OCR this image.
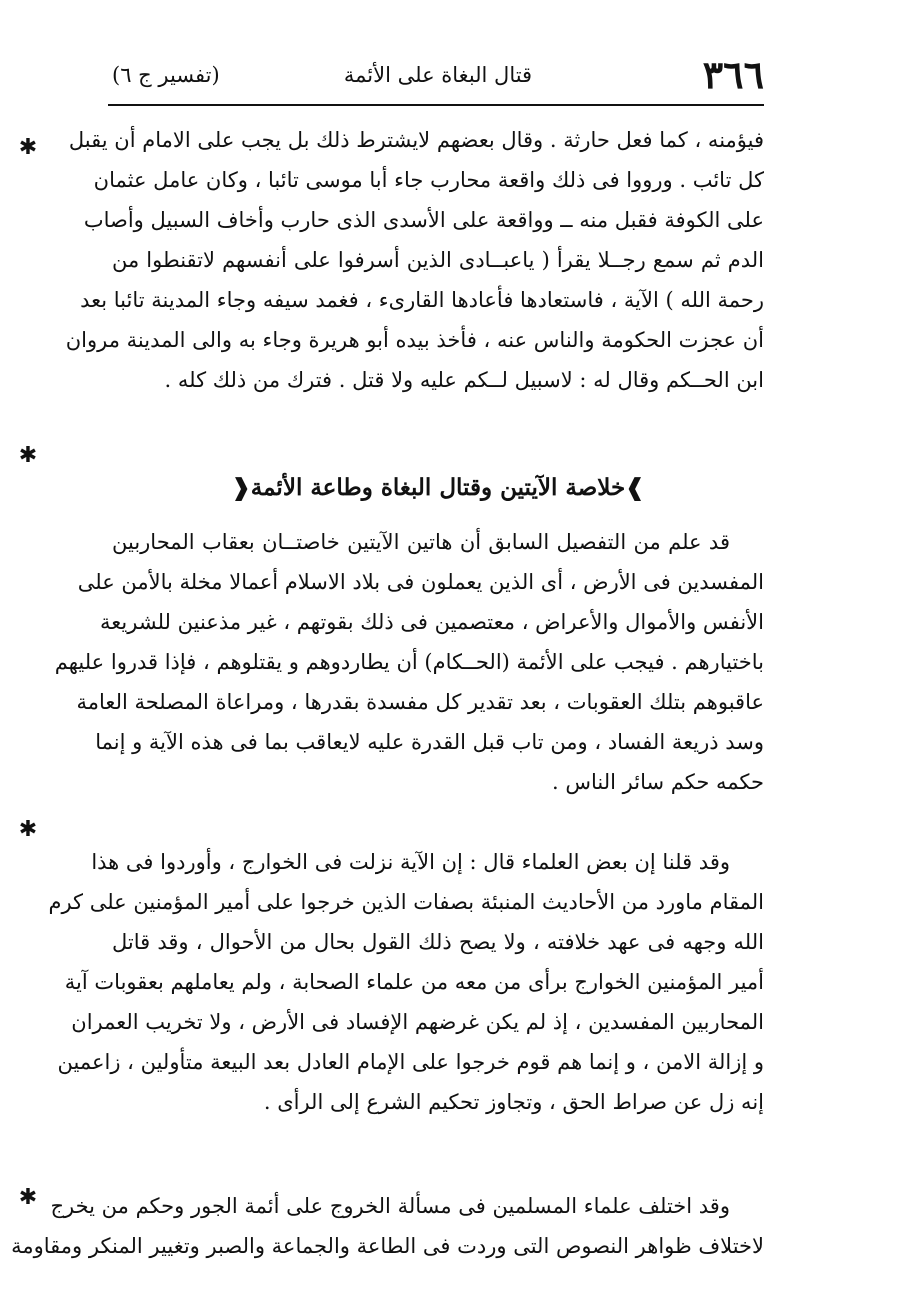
٣٦٦
قتال البغاة على الأئمة
(تفسير ج ٦)
فيؤمنه ، كما فعل حارثة . وقال بعضهم لايشترط ذلك بل يجب على الامام أن يقبل
كل تائب . ورووا فى ذلك واقعة محارب جاء أبا موسى تائبا ، وكان عامل عثمان
على الكوفة فقبل منه ــ وواقعة على الأسدى الذى حارب وأخاف السبيل وأصاب
الدم ثم سمع رجــلا يقرأ ( ياعبــادى الذين أسرفوا على أنفسهم لاتقنطوا من
رحمة الله ) الآية ، فاستعادها فأعادها القارىء ، فغمد سيفه وجاء المدينة تائبا بعد
أن عجزت الحكومة والناس عنه ، فأخذ بيده أبو هريرة وجاء به والى المدينة مروان
ابن الحــكم وقال له : لاسبيل لــكم عليه ولا قتل . فترك من ذلك كله .
❱خلاصة الآيتين وقتال البغاة وطاعة الأئمة❰
قد علم من التفصيل السابق أن هاتين الآيتين خاصتــان بعقاب المحاربين
المفسدين فى الأرض ، أى الذين يعملون فى بلاد الاسلام أعمالا مخلة بالأمن على
الأنفس والأموال والأعراض ، معتصمين فى ذلك بقوتهم ، غير مذعنين للشريعة
باختيارهم . فيجب على الأئمة (الحــكام) أن يطاردوهم و يقتلوهم ، فإذا قدروا عليهم
عاقبوهم بتلك العقوبات ، بعد تقدير كل مفسدة بقدرها ، ومراعاة المصلحة العامة
وسد ذريعة الفساد ، ومن تاب قبل القدرة عليه لايعاقب بما فى هذه الآية و إنما
حكمه حكم سائر الناس .
وقد قلنا إن بعض العلماء قال : إن الآية نزلت فى الخوارج ، وأوردوا فى هذا
المقام ماورد من الأحاديث المنبئة بصفات الذين خرجوا على أمير المؤمنين على كرم
الله وجهه فى عهد خلافته ، ولا يصح ذلك القول بحال من الأحوال ، وقد قاتل
أمير المؤمنين الخوارج برأى من معه من علماء الصحابة ، ولم يعاملهم بعقوبات آية
المحاربين المفسدين ، إذ لم يكن غرضهم الإفساد فى الأرض ، ولا تخريب العمران
و إزالة الامن ، و إنما هم قوم خرجوا على الإمام العادل بعد البيعة متأولين ، زاعمين
إنه زل عن صراط الحق ، وتجاوز تحكيم الشرع إلى الرأى .
وقد اختلف علماء المسلمين فى مسألة الخروج على أئمة الجور وحكم من يخرج
لاختلاف ظواهر النصوص التى وردت فى الطاعة والجماعة والصبر وتغيير المنكر ومقاومة
✱
✱
✱
✱
